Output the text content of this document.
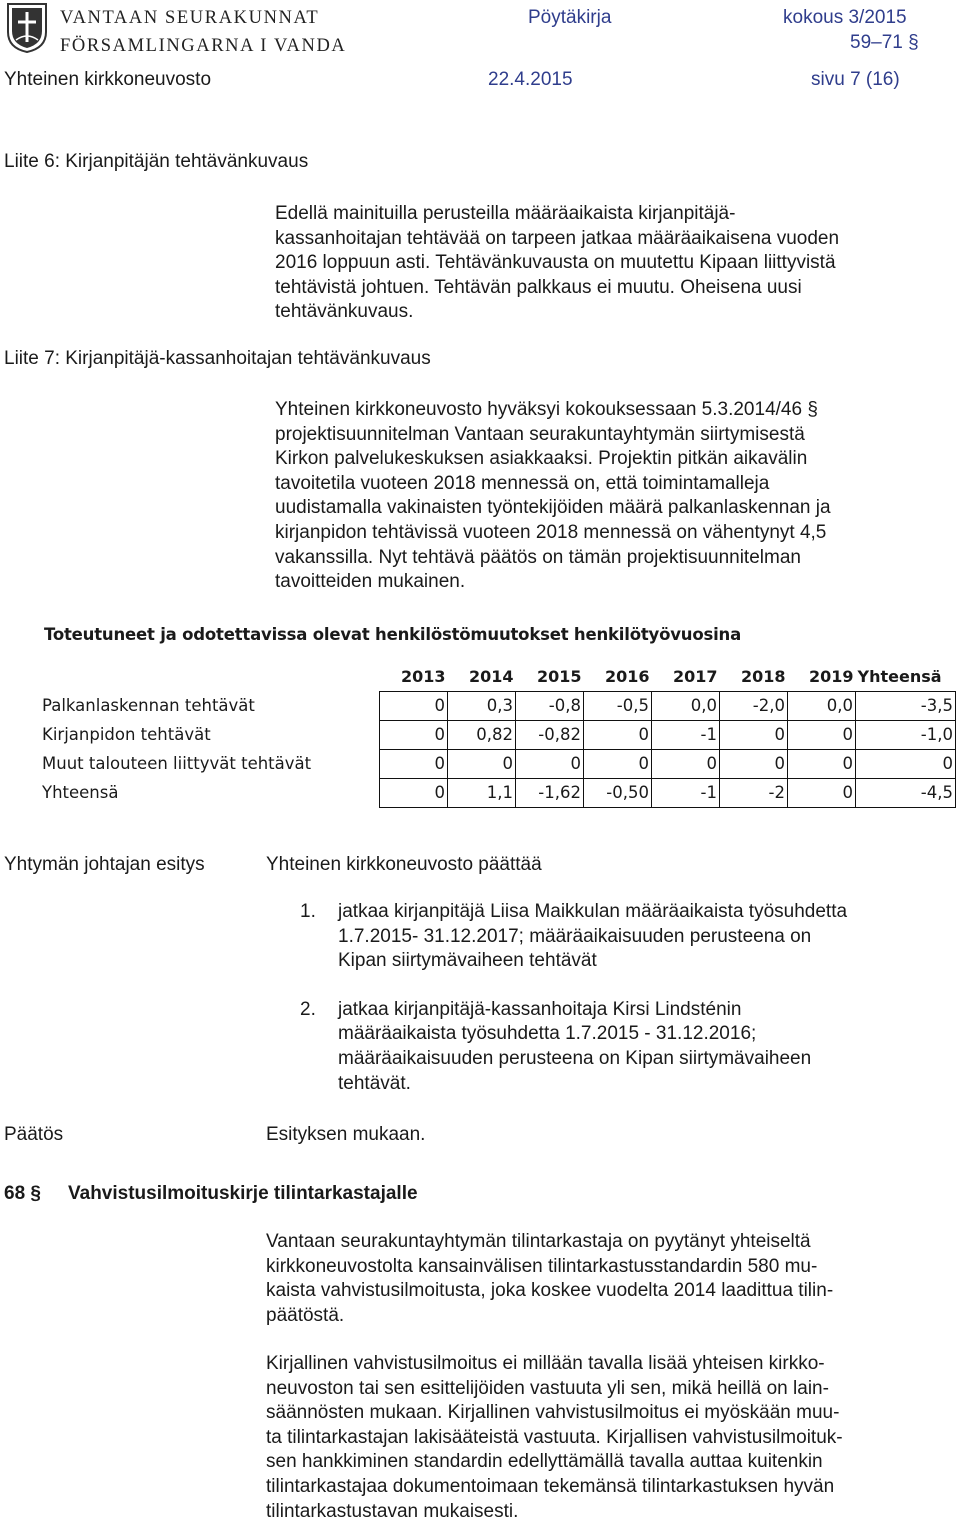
VANTAAN SEURAKUNNAT
FÖRSAMLINGARNA I VANDA
Pöytäkirja	kokous 3/2015
59–71 §
Yhteinen kirkkoneuvosto	22.4.2015	sivu 7 (16)
Liite 6: Kirjanpitäjän tehtävänkuvaus
Edellä mainituilla perusteilla määräaikaista kirjanpitäjä-
kassanhoitajan tehtävää on tarpeen jatkaa määräaikaisena vuoden
2016 loppuun asti. Tehtävänkuvausta on muutettu Kipaan liittyvistä
tehtävistä johtuen. Tehtävän palkkaus ei muutu. Oheisena uusi
tehtävänkuvaus.
Liite 7: Kirjanpitäjä-kassanhoitajan tehtävänkuvaus
Yhteinen kirkkoneuvosto hyväksyi kokouksessaan 5.3.2014/46 §
projektisuunnitelman Vantaan seurakuntayhtymän siirtymisestä
Kirkon palvelukeskuksen asiakkaaksi. Projektin pitkän aikavälin
tavoitetila vuoteen 2018 mennessä on, että toimintamalleja
uudistamalla vakinaisten työntekijöiden määrä palkanlaskennan ja
kirjanpidon tehtävissä vuoteen 2018 mennessä on vähentynyt 4,5
vakanssilla. Nyt tehtävä päätös on tämän projektisuunnitelman
tavoitteiden mukainen.
Toteutuneet ja odotettavissa olevat henkilöstömuutokset henkilötyövuosina
	2013	2014	2015	2016	2017	2018	2019	Yhteensä
Palkanlaskennan tehtävät	0	0,3	-0,8	-0,5	0,0	-2,0	0,0	-3,5
Kirjanpidon tehtävät	0	0,82	-0,82	0	-1	0	0	-1,0
Muut talouteen liittyvät tehtävät	0	0	0	0	0	0	0	0
Yhteensä	0	1,1	-1,62	-0,50	-1	-2	0	-4,5
Yhtymän johtajan esitys	Yhteinen kirkkoneuvosto päättää
1. jatkaa kirjanpitäjä Liisa Maikkulan määräaikaista työsuhdetta
1.7.2015- 31.12.2017; määräaikaisuuden perusteena on
Kipan siirtymävaiheen tehtävät
2. jatkaa kirjanpitäjä-kassanhoitaja Kirsi Lindsténin
määräaikaista työsuhdetta 1.7.2015 - 31.12.2016;
määräaikaisuuden perusteena on Kipan siirtymävaiheen
tehtävät.
Päätös	Esityksen mukaan.
68 § Vahvistusilmoituskirje tilintarkastajalle
Vantaan seurakuntayhtymän tilintarkastaja on pyytänyt yhteiseltä
kirkkoneuvostolta kansainvälisen tilintarkastusstandardin 580 mu-
kaista vahvistusilmoitusta, joka koskee vuodelta 2014 laadittua tilin-
päätöstä.
Kirjallinen vahvistusilmoitus ei millään tavalla lisää yhteisen kirkko-
neuvoston tai sen esittelijöiden vastuuta yli sen, mikä heillä on lain-
säännösten mukaan. Kirjallinen vahvistusilmoitus ei myöskään muu-
ta tilintarkastajan lakisääteistä vastuuta. Kirjallisen vahvistusilmoituk-
sen hankkiminen standardin edellyttämällä tavalla auttaa kuitenkin
tilintarkastajaa dokumentoimaan tekemänsä tilintarkastuksen hyvän
tilintarkastustavan mukaisesti.
